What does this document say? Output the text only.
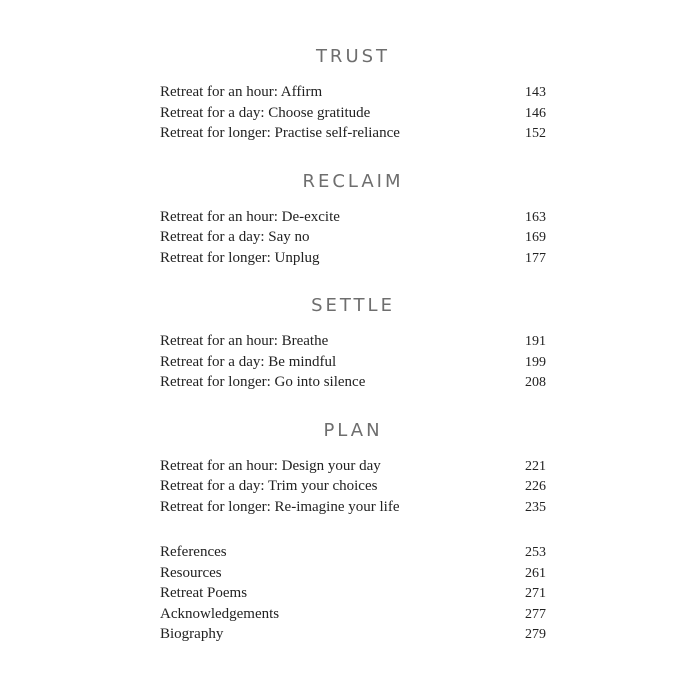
TRUST
Retreat for an hour: Affirm	143
Retreat for a day: Choose gratitude	146
Retreat for longer: Practise self-reliance	152
RECLAIM
Retreat for an hour: De-excite	163
Retreat for a day: Say no	169
Retreat for longer: Unplug	177
SETTLE
Retreat for an hour: Breathe	191
Retreat for a day: Be mindful	199
Retreat for longer: Go into silence	208
PLAN
Retreat for an hour: Design your day	221
Retreat for a day: Trim your choices	226
Retreat for longer: Re-imagine your life	235
References	253
Resources	261
Retreat Poems	271
Acknowledgements	277
Biography	279
